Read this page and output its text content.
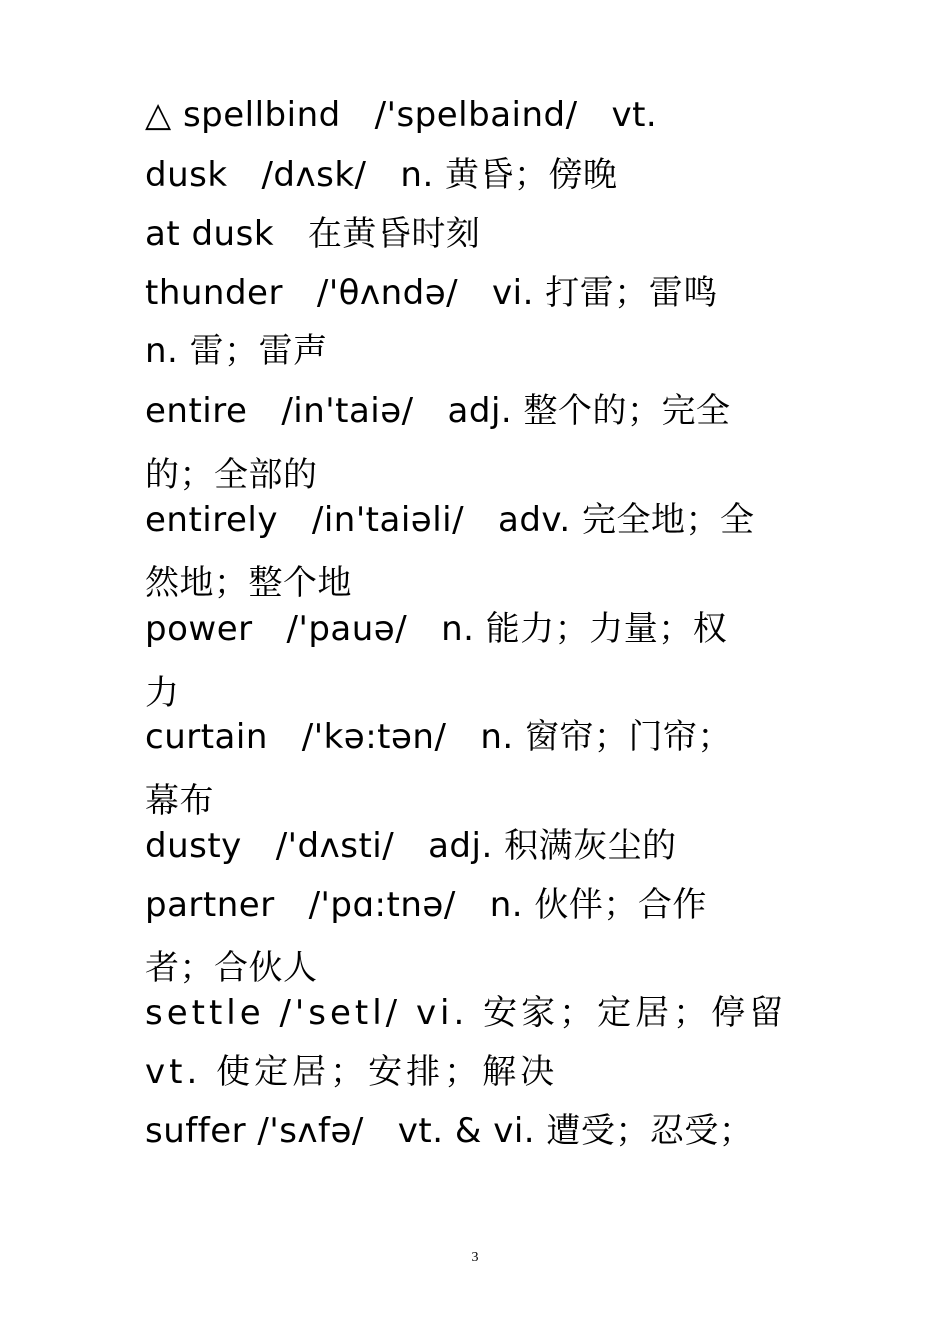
△ spellbind   /'spelbaind/   vt.
dusk   /dʌsk/   n. 黄昏；傍晚
at dusk   在黄昏时刻
thunder   /'θʌndə/   vi. 打雷；雷鸣
n. 雷；雷声
entire   /in'taiə/   adj. 整个的；完全
的；全部的
entirely   /in'taiəli/   adv. 完全地；全
然地；整个地
power   /'pauə/   n. 能力；力量；权
力
curtain   /'kə:tən/   n. 窗帘；门帘；
幕布
dusty   /'dʌsti/   adj. 积满灰尘的
partner   /'pɑ:tnə/   n. 伙伴；合作
者；合伙人
settle /'setl/ vi. 安家；定居；停留
vt. 使定居；安排；解决
suffer /'sʌfə/   vt. & vi. 遭受；忍受；
3
